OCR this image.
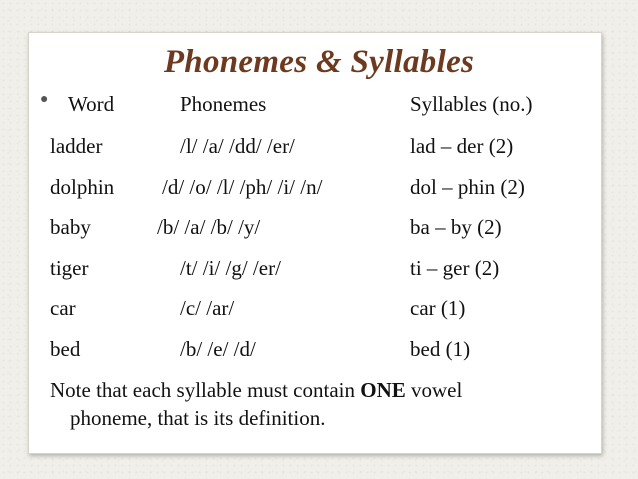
Phonemes & Syllables
● Word	Phonemes	Syllables (no.)
ladder	/l/ /a/ /dd/ /er/	lad – der (2)
dolphin /d/ /o/ /l/ /ph/ /i/ /n/	dol – phin (2)
baby	/b/ /a/ /b/ /y/	ba – by (2)
tiger	/t/ /i/ /g/ /er/	ti – ger (2)
car	/c/ /ar/	car (1)
bed	/b/ /e/ /d/	bed (1)
Note that each syllable must contain ONE vowel
phoneme, that is its definition.
